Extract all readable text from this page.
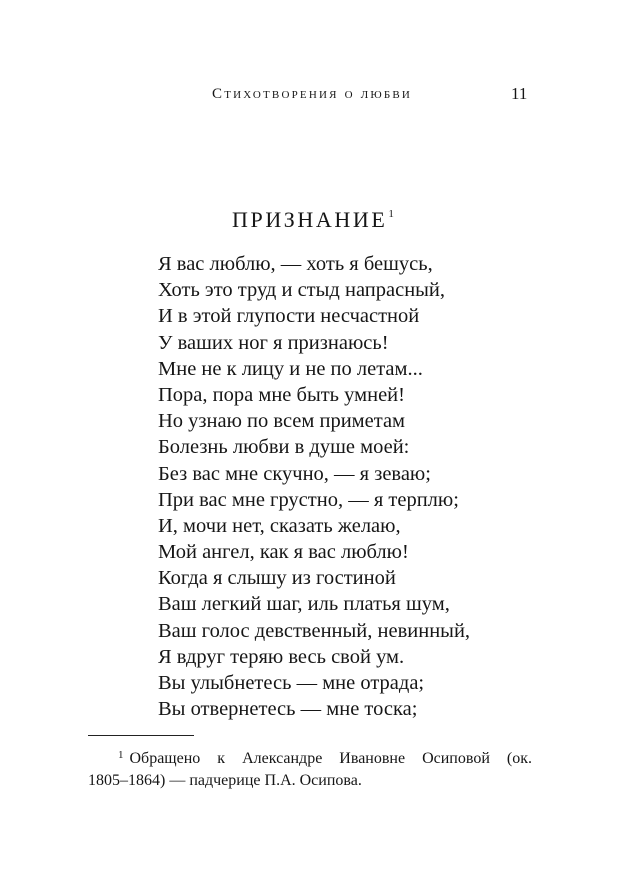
Стихотворения о любви	11
ПРИЗНАНИЕ$^1$
Я вас люблю, — хоть я бешусь,
Хоть это труд и стыд напрасный,
И в этой глупости несчастной
У ваших ног я признаюсь!
Мне не к лицу и не по летам...
Пора, пора мне быть умней!
Но узнаю по всем приметам
Болезнь любви в душе моей:
Без вас мне скучно, — я зеваю;
При вас мне грустно, — я терплю;
И, мочи нет, сказать желаю,
Мой ангел, как я вас люблю!
Когда я слышу из гостиной
Ваш легкий шаг, иль платья шум,
Ваш голос девственный, невинный,
Я вдруг теряю весь свой ум.
Вы улыбнетесь — мне отрада;
Вы отвернетесь — мне тоска;
$^1$ Обращено к Александре Ивановне Осиповой (ок.
1805–1864) — падчерице П.А. Осипова.
